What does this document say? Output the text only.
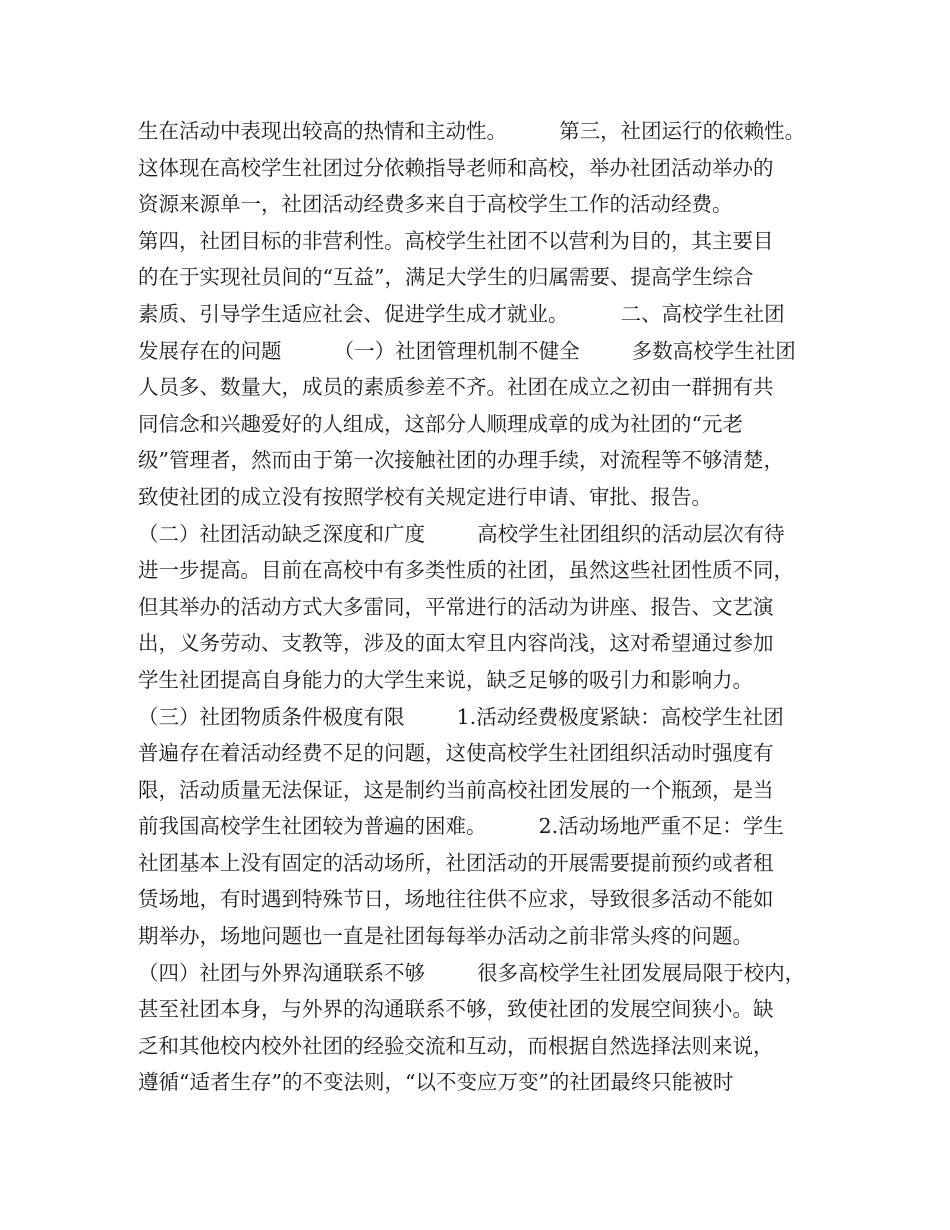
生在活动中表现出较高的热情和主动性。        第三，社团运行的依赖性。
这体现在高校学生社团过分依赖指导老师和高校，举办社团活动举办的
资源来源单一，社团活动经费多来自于高校学生工作的活动经费。
第四，社团目标的非营利性。高校学生社团不以营利为目的，其主要目
的在于实现社员间的“互益”，满足大学生的归属需要、提高学生综合
素质、引导学生适应社会、促进学生成才就业。        二、高校学生社团
发展存在的问题        （一）社团管理机制不健全        多数高校学生社团
人员多、数量大，成员的素质参差不齐。社团在成立之初由一群拥有共
同信念和兴趣爱好的人组成，这部分人顺理成章的成为社团的“元老
级”管理者，然而由于第一次接触社团的办理手续，对流程等不够清楚，
致使社团的成立没有按照学校有关规定进行申请、审批、报告。
（二）社团活动缺乏深度和广度        高校学生社团组织的活动层次有待
进一步提高。目前在高校中有多类性质的社团，虽然这些社团性质不同，
但其举办的活动方式大多雷同，平常进行的活动为讲座、报告、文艺演
出，义务劳动、支教等，涉及的面太窄且内容尚浅，这对希望通过参加
学生社团提高自身能力的大学生来说，缺乏足够的吸引力和影响力。
（三）社团物质条件极度有限        1.活动经费极度紧缺：高校学生社团
普遍存在着活动经费不足的问题，这使高校学生社团组织活动时强度有
限，活动质量无法保证，这是制约当前高校社团发展的一个瓶颈，是当
前我国高校学生社团较为普遍的困难。        2.活动场地严重不足：学生
社团基本上没有固定的活动场所，社团活动的开展需要提前预约或者租
赁场地，有时遇到特殊节日，场地往往供不应求，导致很多活动不能如
期举办，场地问题也一直是社团每每举办活动之前非常头疼的问题。
（四）社团与外界沟通联系不够        很多高校学生社团发展局限于校内，
甚至社团本身，与外界的沟通联系不够，致使社团的发展空间狭小。缺
乏和其他校内校外社团的经验交流和互动，而根据自然选择法则来说，
遵循“适者生存”的不变法则，“以不变应万变”的社团最终只能被时
